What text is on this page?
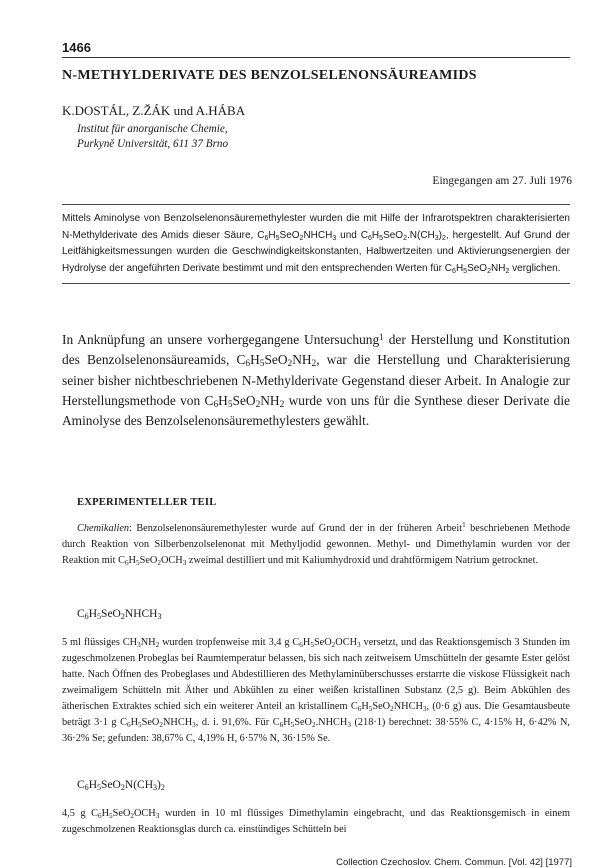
1466
N-METHYLDERIVATE DES BENZOLSELENONSÄUREAMIDS
K.DOSTÁL, Z.ŽÁK und A.HÁBA
Institut für anorganische Chemie,
Purkyně Universität, 611 37 Brno
Eingegangen am 27. Juli 1976

Mittels Aminolyse von Benzolselenonsäuremethylester wurden die mit Hilfe der Infrarotspektren charakterisierten N-Methylderivate des Amids dieser Säure, $C_6H_5SeO_2NHCH_3$ und $C_6H_5SeO_2.N(CH_3)_2$, hergestellt. Auf Grund der Leitfähigkeitsmessungen wurden die Geschwindigkeitskonstanten, Halbwertzeiten und Aktivierungsenergien der Hydrolyse der angeführten Derivate bestimmt und mit den entsprechenden Werten für $C_6H_5SeO_2NH_2$ verglichen.

In Anknüpfung an unsere vorhergegangene Untersuchung$^1$ der Herstellung und Konstitution des Benzolselenonsäureamids, $C_6H_5SeO_2NH_2$, war die Herstellung und Charakterisierung seiner bisher nichtbeschriebenen N-Methylderivate Gegenstand dieser Arbeit. In Analogie zur Herstellungsmethode von $C_6H_5SeO_2NH_2$ wurde von uns für die Synthese dieser Derivate die Aminolyse des Benzolselenonsäuremethylesters gewählt.

EXPERIMENTELLER TEIL

Chemikalien: Benzolselenonsäuremethylester wurde auf Grund der in der früheren Arbeit$^1$ beschriebenen Methode durch Reaktion von Silberbenzolselenonat mit Methyljodid gewonnen. Methyl- und Dimethylamin wurden vor der Reaktion mit $C_6H_5SeO_2OCH_3$ zweimal destilliert und mit Kaliumhydroxid und drahtförmigem Natrium getrocknet.

$C_6H_5SeO_2NHCH_3$

5 ml flüssiges $CH_3NH_2$ wurden tropfenweise mit 3,4 g $C_6H_5SeO_2OCH_3$ versetzt, und das Reaktionsgemisch 3 Stunden im zugeschmolzenen Probeglas bei Raumtemperatur belassen, bis sich nach zeitweisem Umschütteln der gesamte Ester gelöst hatte. Nach Öffnen des Probeglases und Abdestillieren des Methylaminüberschusses erstarrte die viskose Flüssigkeit nach zweimaligem Schütteln mit Äther und Abkühlen zu einer weißen kristallinen Substanz (2,5 g). Beim Abkühlen des ätherischen Extraktes schied sich ein weiterer Anteil an kristallinem $C_6H_5SeO_2NHCH_3$, (0·6 g) aus. Die Gesamtausbeute beträgt 3·1 g $C_6H_5SeO_2NHCH_3$, d. i. 91,6%. Für $C_6H_5SeO_2.NHCH_3$ (218·1) berechnet: 38·55% C, 4·15% H, 6·42% N, 36·2% Se; gefunden: 38,67% C, 4,19% H, 6·57% N, 36·15% Se.

$C_6H_5SeO_2N(CH_3)_2$

4,5 g $C_6H_5SeO_2OCH_3$ wurden in 10 ml flüssiges Dimethylamin eingebracht, und das Reaktionsgemisch in einem zugeschmolzenen Reaktionsglas durch ca. einstündiges Schütteln bei

Collection Czechoslov. Chem. Commun. [Vol. 42] [1977]
